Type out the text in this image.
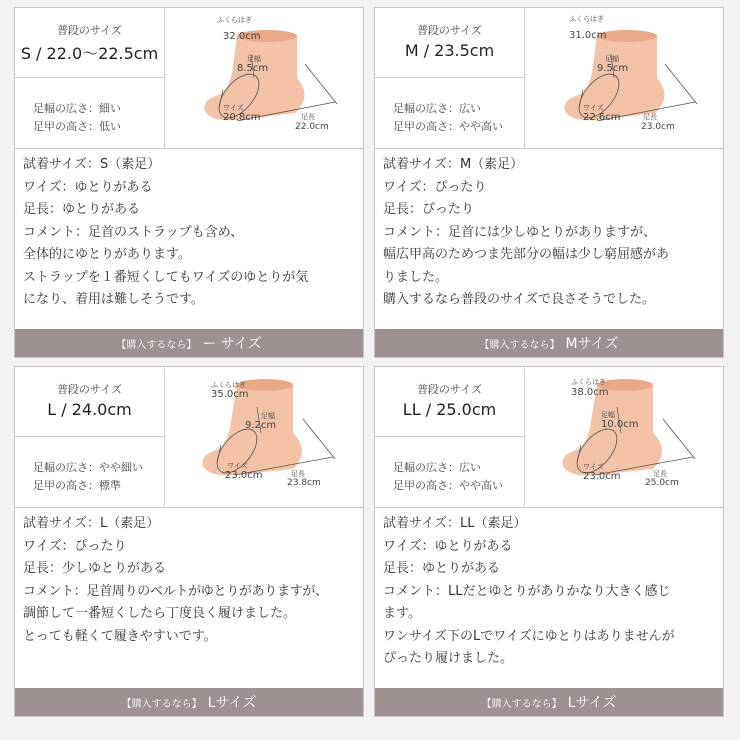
普段のサイズ
S / 22.0〜22.5cm
足幅の広さ：細い
足甲の高さ：低い
ふくらはぎ
32.0cm
足幅
8.5cm
ワイズ
20.8cm	足長
22.0cm
試着サイズ：S（素足）
ワイズ：ゆとりがある
足長：ゆとりがある
コメント：足首のストラップも含め、
全体的にゆとりがあります。
ストラップを１番短くしてもワイズのゆとりが気
になり、着用は難しそうです。
【購入するなら】 ー サイズ
普段のサイズ
M / 23.5cm
足幅の広さ：広い
足甲の高さ：やや高い
ふくらはぎ
31.0cm
足幅
9.5cm
ワイズ
22.6cm	足長
23.0cm
試着サイズ：M（素足）
ワイズ：ぴったり
足長：ぴったり
コメント：足首には少しゆとりがありますが、
幅広甲高のためつま先部分の幅は少し窮屈感があ
りました。
購入するなら普段のサイズで良さそうでした。
【購入するなら】 Mサイズ
普段のサイズ
L / 24.0cm
足幅の広さ：やや細い
足甲の高さ：標準
ふくらはぎ
35.0cm
足幅
9.2cm
ワイズ
23.0cm	足長
23.8cm
試着サイズ：L（素足）
ワイズ：ぴったり
足長：少しゆとりがある
コメント：足首周りのベルトがゆとりがありますが、
調節して一番短くしたら丁度良く履けました。
とっても軽くて履きやすいです。
【購入するなら】 Lサイズ
普段のサイズ
LL / 25.0cm
足幅の広さ：広い
足甲の高さ：やや高い
ふくらはぎ
38.0cm
足幅
10.0cm
ワイズ
23.0cm	足長
25.0cm
試着サイズ：LL（素足）
ワイズ：ゆとりがある
足長：ゆとりがある
コメント：LLだとゆとりがありかなり大きく感じ
ます。
ワンサイズ下のLでワイズにゆとりはありませんが
ぴったり履けました。
【購入するなら】 Lサイズ
